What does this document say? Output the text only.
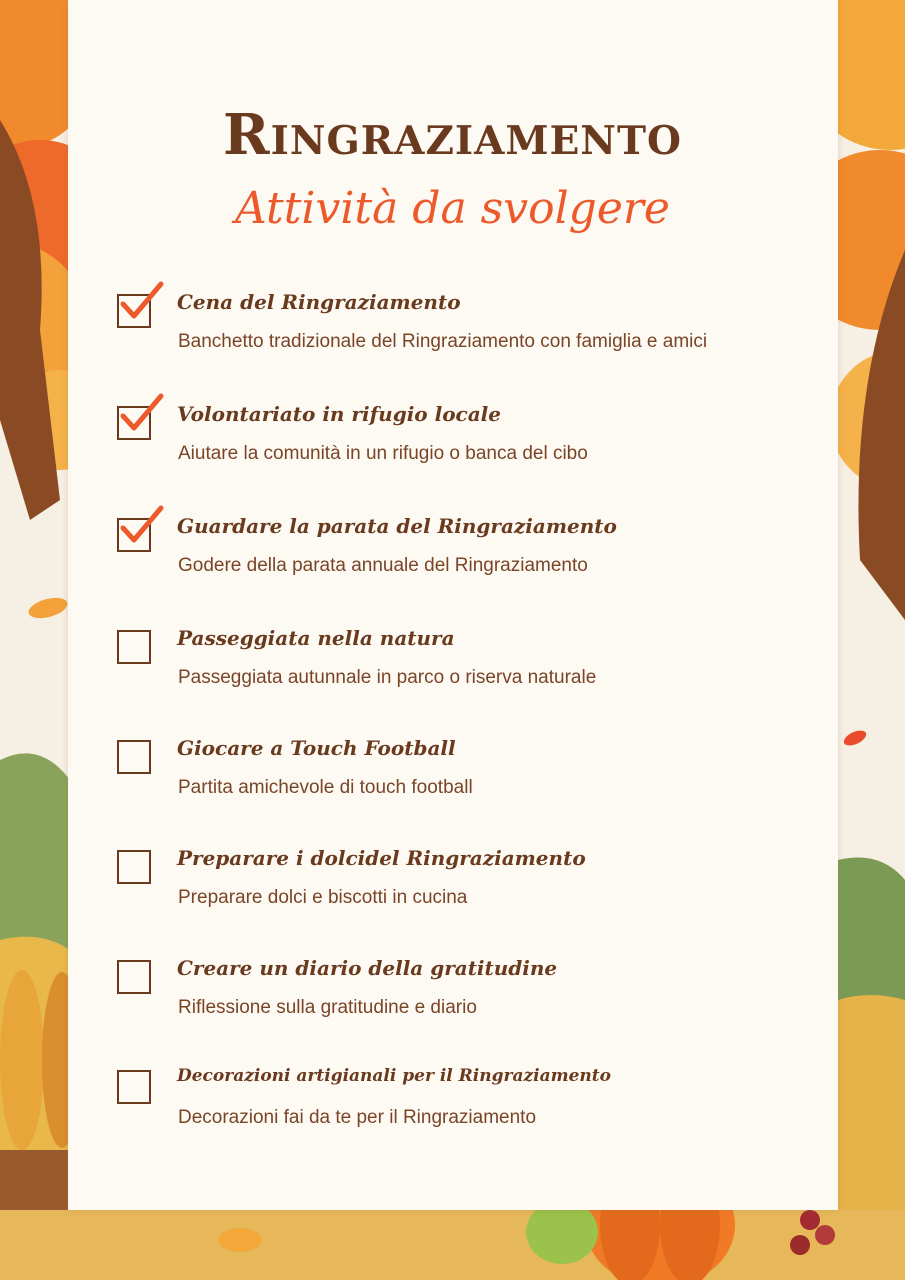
Ringraziamento
Attività da svolgere
Cena del Ringraziamento
Banchetto tradizionale del Ringraziamento con famiglia e amici
Volontariato in rifugio locale
Aiutare la comunità in un rifugio o banca del cibo
Guardare la parata del Ringraziamento
Godere della parata annuale del Ringraziamento
Passeggiata nella natura
Passeggiata autunnale in parco o riserva naturale
Giocare a Touch Football
Partita amichevole di touch football
Preparare i dolcidel Ringraziamento
Preparare dolci e biscotti in cucina
Creare un diario della gratitudine
Riflessione sulla gratitudine e diario
Decorazioni artigianali per il Ringraziamento
Decorazioni fai da te per il Ringraziamento
